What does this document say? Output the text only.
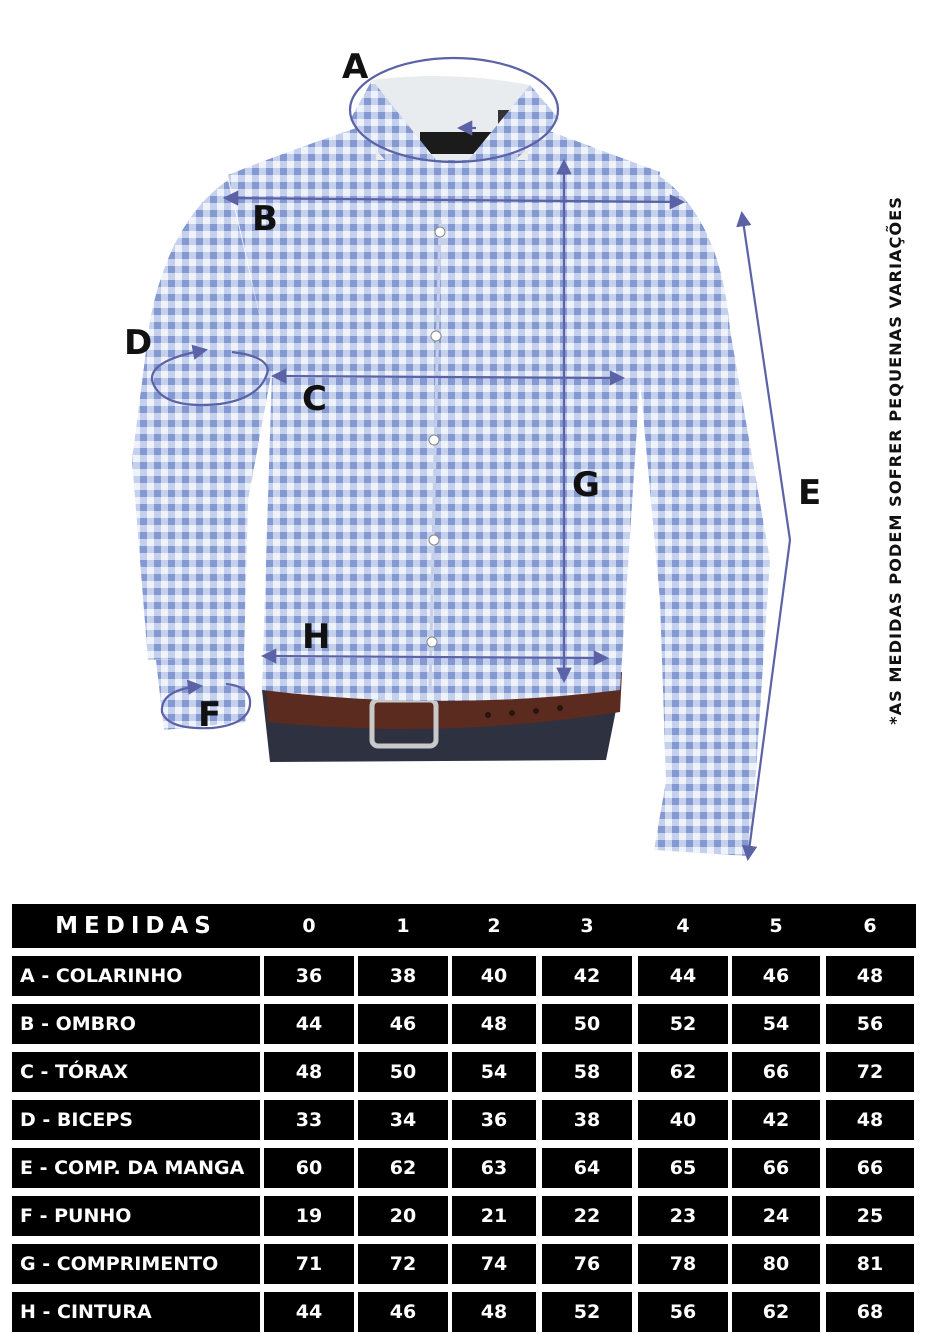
A
B
C
D
E
F
G
H	*AS MEDIDAS PODEM SOFRER PEQUENAS VARIAÇÕES
MEDIDAS	0	1	2	3	4	5	6
A - COLARINHO	36	38	40	42	44	46	48
B - OMBRO	44	46	48	50	52	54	56
C - TÓRAX	48	50	54	58	62	66	72
D - BICEPS	33	34	36	38	40	42	48
E - COMP. DA MANGA	60	62	63	64	65	66	66
F - PUNHO	19	20	21	22	23	24	25
G - COMPRIMENTO	71	72	74	76	78	80	81
H - CINTURA	44	46	48	52	56	62	68
